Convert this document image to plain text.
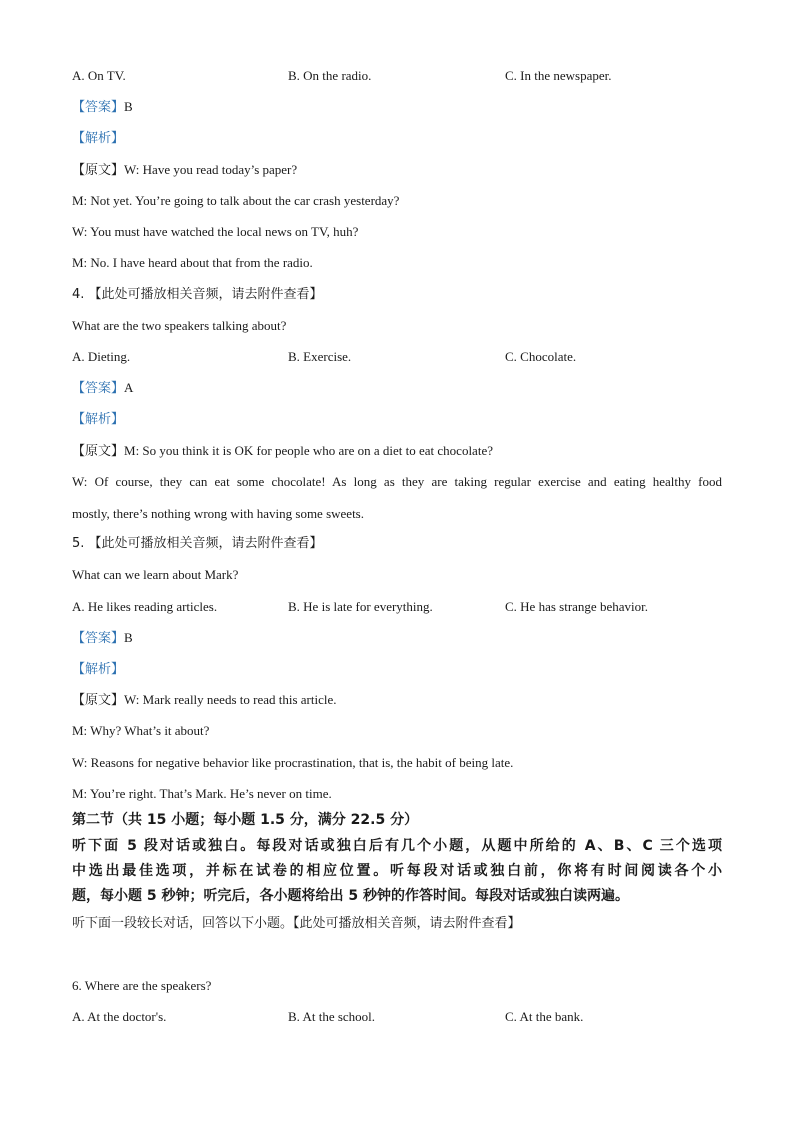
A. On TV.	B. On the radio.	C. In the newspaper.
【答案】B
【解析】
【原文】W: Have you read today’s paper?
M: Not yet. You’re going to talk about the car crash yesterday?
W: You must have watched the local news on TV, huh?
M: No. I have heard about that from the radio.
4. 【此处可播放相关音频，请去附件查看】
What are the two speakers talking about?
A. Dieting.	B. Exercise.	C. Chocolate.
【答案】A
【解析】
【原文】M: So you think it is OK for people who are on a diet to eat chocolate?
W: Of course, they can eat some chocolate! As long as they are taking regular exercise and eating healthy food
mostly, there’s nothing wrong with having some sweets.
5. 【此处可播放相关音频，请去附件查看】
What can we learn about Mark?
A. He likes reading articles.	B. He is late for everything.	C. He has strange behavior.
【答案】B
【解析】
【原文】W: Mark really needs to read this article.
M: Why? What’s it about?
W: Reasons for negative behavior like procrastination, that is, the habit of being late.
M: You’re right. That’s Mark. He’s never on time.
第二节（共 15 小题；每小题 1.5 分，满分 22.5 分）
听下面 5 段对话或独白。每段对话或独白后有几个小题，从题中所给的 A、B、C 三个选项
中选出最佳选项，并标在试卷的相应位置。听每段对话或独白前，你将有时间阅读各个小
题，每小题 5 秒钟；听完后，各小题将给出 5 秒钟的作答时间。每段对话或独白读两遍。
听下面一段较长对话，回答以下小题。【此处可播放相关音频，请去附件查看】
6. Where are the speakers?
A. At the doctor's.	B. At the school.	C. At the bank.
